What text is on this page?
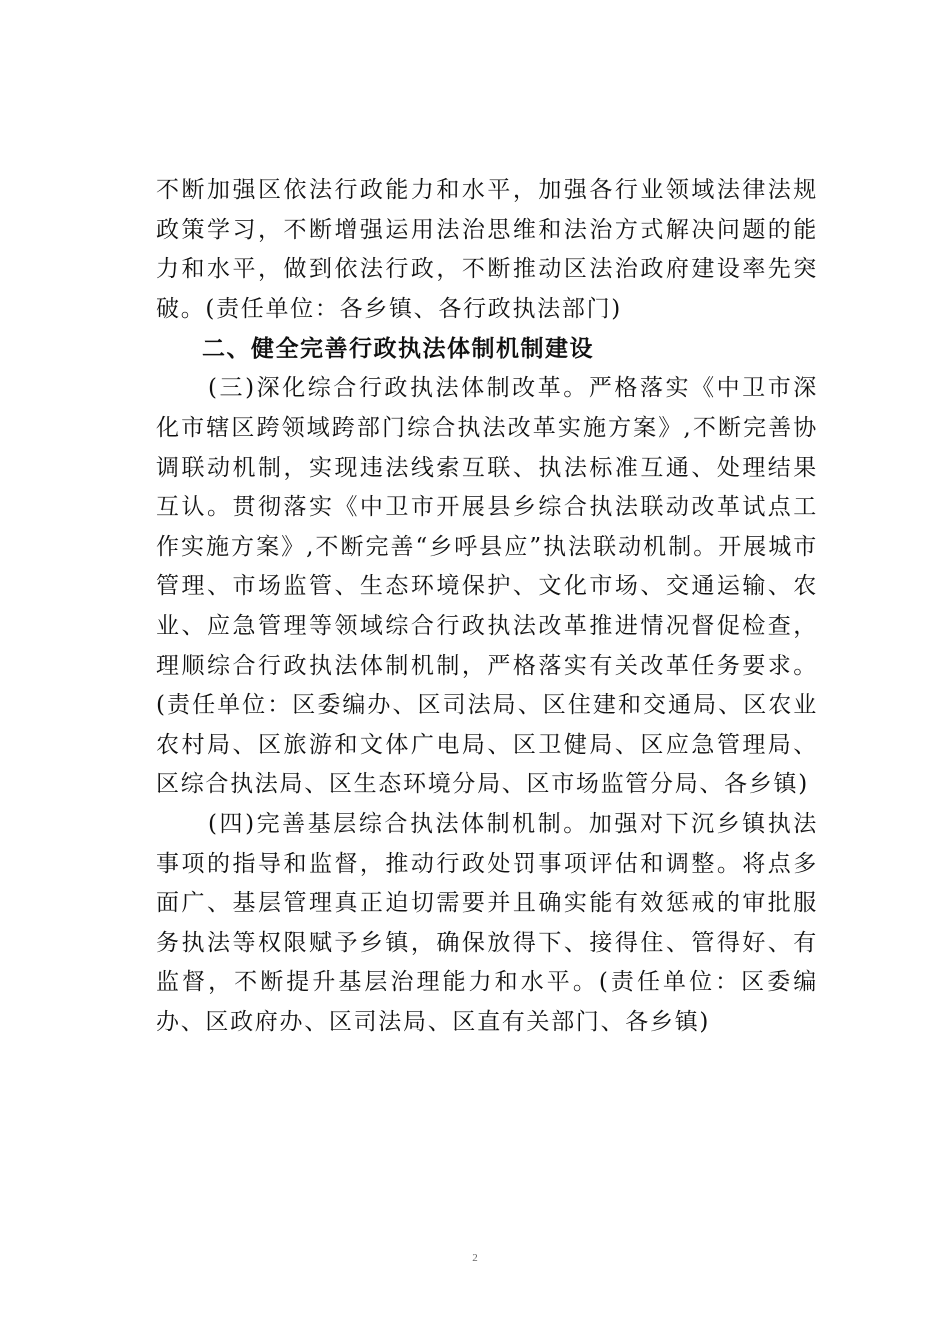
不断加强区依法行政能力和水平，加强各行业领域法律法规政策学习，不断增强运用法治思维和法治方式解决问题的能力和水平，做到依法行政，不断推动区法治政府建设率先突破。(责任单位：各乡镇、各行政执法部门)

二、健全完善行政执法体制机制建设

(三)深化综合行政执法体制改革。严格落实《中卫市深化市辖区跨领域跨部门综合执法改革实施方案》,不断完善协调联动机制，实现违法线索互联、执法标准互通、处理结果互认。贯彻落实《中卫市开展县乡综合执法联动改革试点工作实施方案》,不断完善“乡呼县应”执法联动机制。开展城市管理、市场监管、生态环境保护、文化市场、交通运输、农业、应急管理等领域综合行政执法改革推进情况督促检查，理顺综合行政执法体制机制，严格落实有关改革任务要求。(责任单位：区委编办、区司法局、区住建和交通局、区农业农村局、区旅游和文体广电局、区卫健局、区应急管理局、区综合执法局、区生态环境分局、区市场监管分局、各乡镇)

(四)完善基层综合执法体制机制。加强对下沉乡镇执法事项的指导和监督，推动行政处罚事项评估和调整。将点多面广、基层管理真正迫切需要并且确实能有效惩戒的审批服务执法等权限赋予乡镇，确保放得下、接得住、管得好、有监督，不断提升基层治理能力和水平。(责任单位：区委编办、区政府办、区司法局、区直有关部门、各乡镇)

2
